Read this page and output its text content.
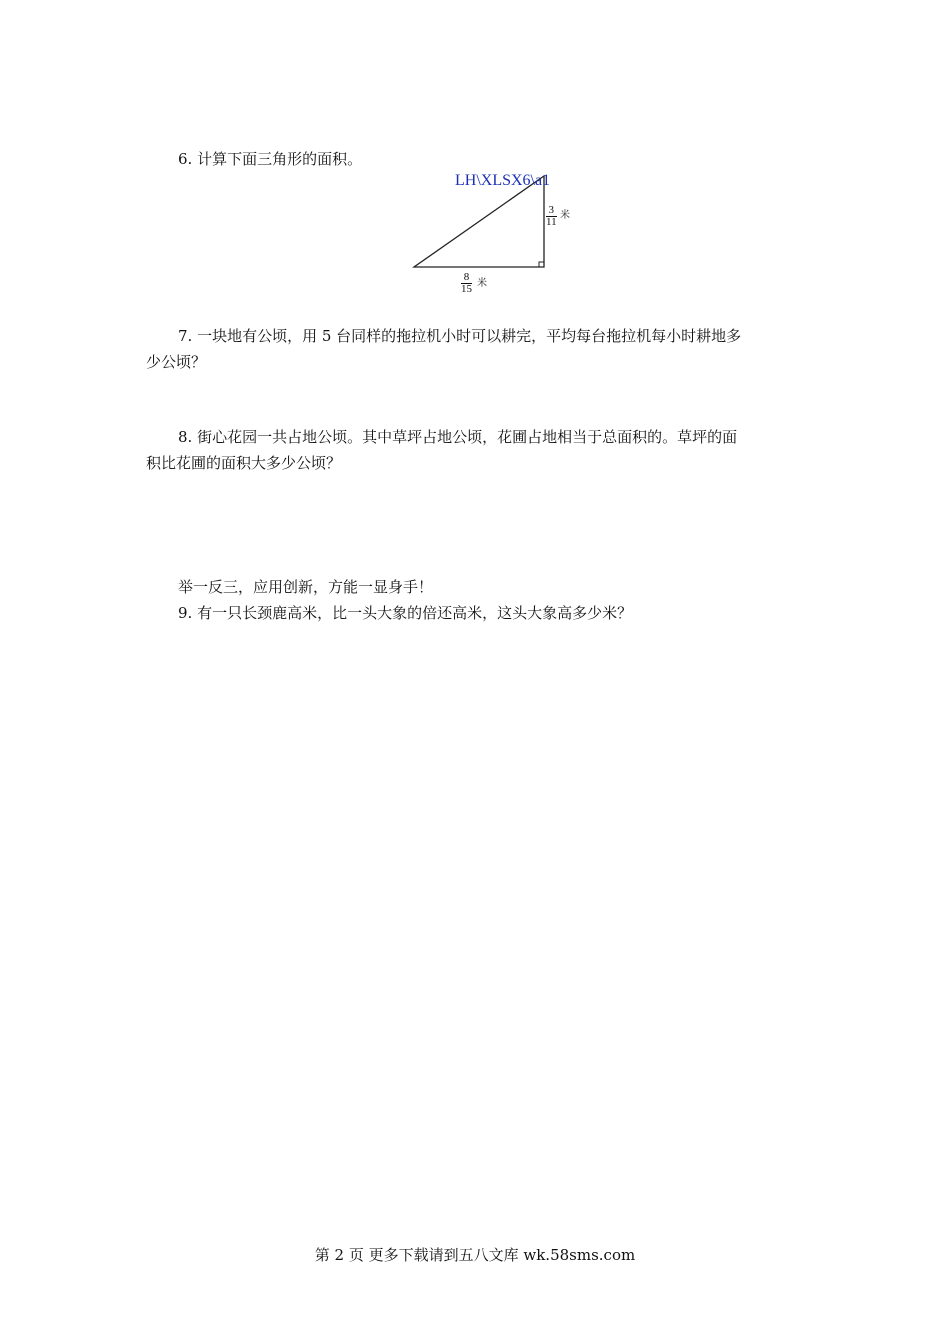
6. 计算下面三角形的面积。
LH\XLSX6\a1
$\frac{3}{11}$ 米
$\frac{8}{15}$ 米
7. 一块地有公顷，用 5 台同样的拖拉机小时可以耕完，平均每台拖拉机每小时耕地多
少公顷？
8. 街心花园一共占地公顷。其中草坪占地公顷，花圃占地相当于总面积的。草坪的面
积比花圃的面积大多少公顷？
举一反三，应用创新，方能一显身手！
9. 有一只长颈鹿高米，比一头大象的倍还高米，这头大象高多少米？
第 2 页 更多下载请到五八文库 wk.58sms.com
